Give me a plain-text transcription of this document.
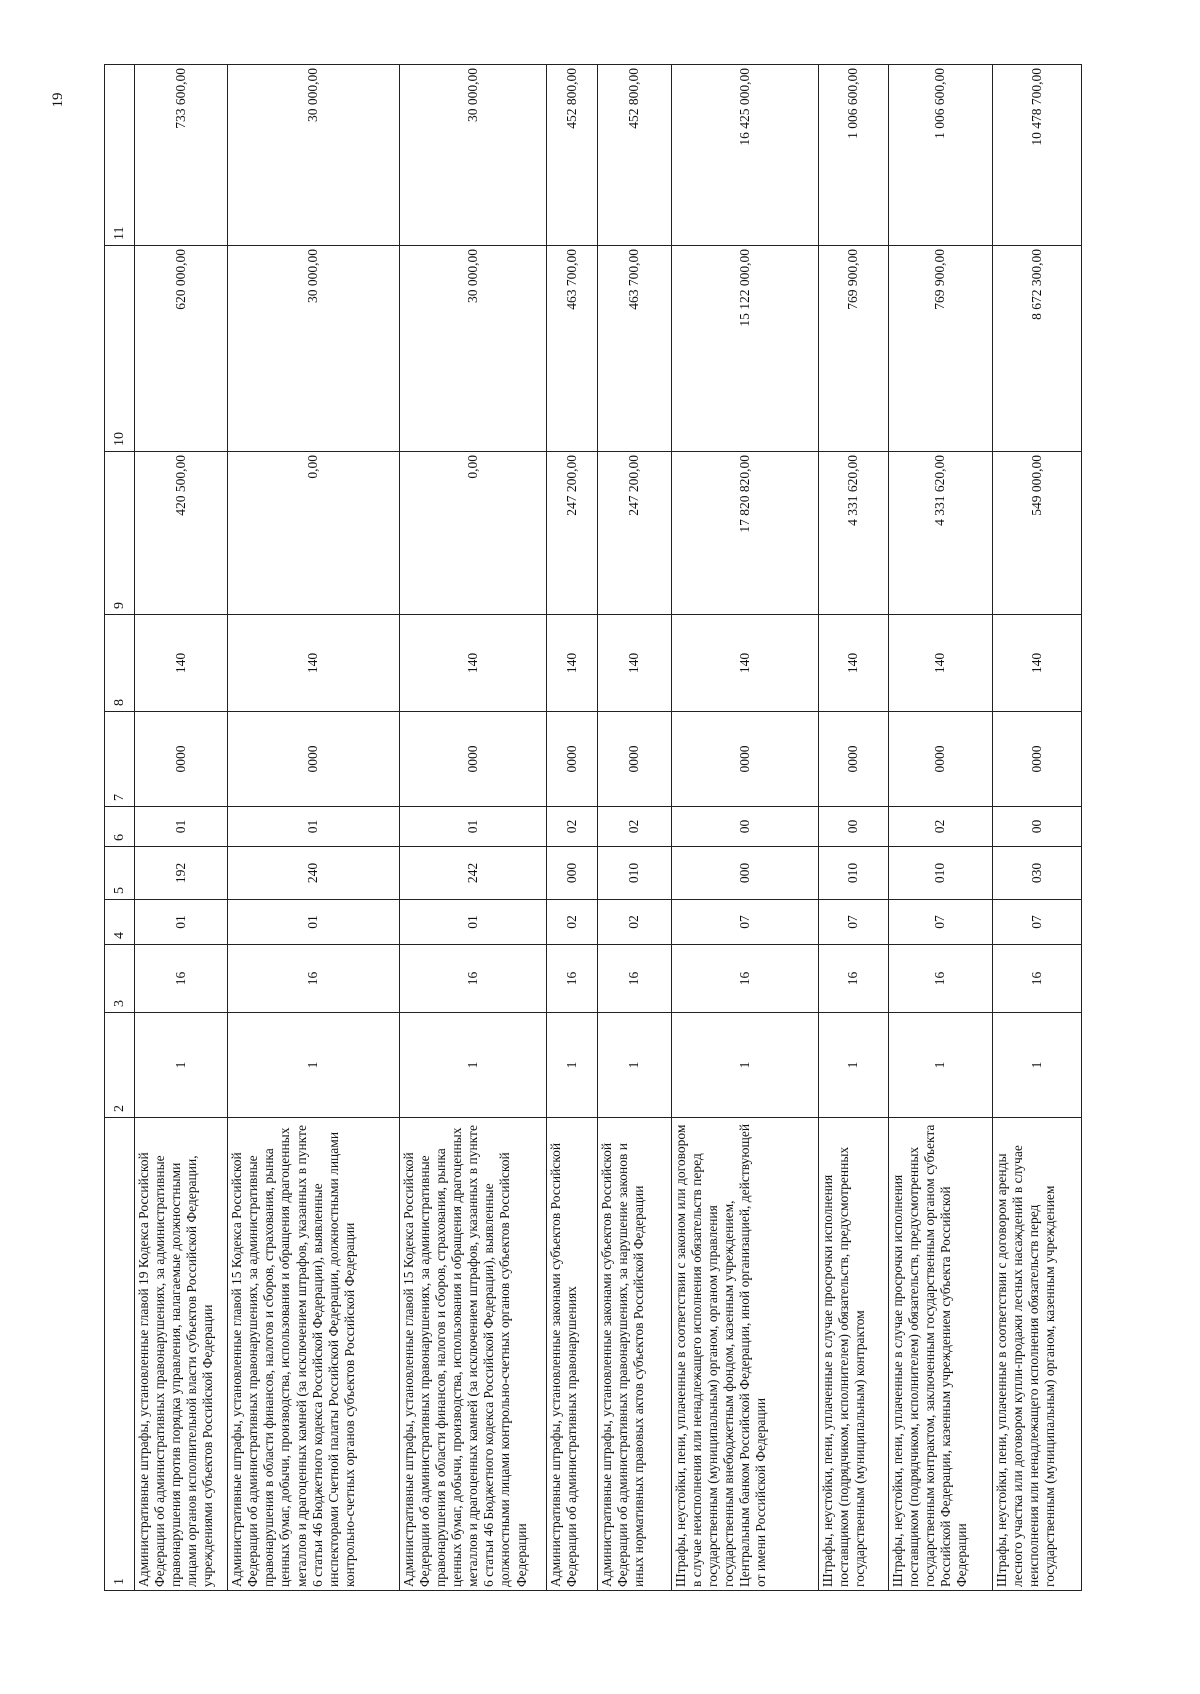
19
1	2	3	4	5	6	7	8	9	10	11
Административные штрафы, установленные главой 19 Кодекса Российской Федерации об административных правонарушениях, за административные правонарушения против порядка управления, налагаемые должностными лицами органов исполнительной власти субъектов Российской Федерации, учреждениями субъектов Российской Федерации	1	16	01	192	01	0000	140	420 500,00	620 000,00	733 600,00
Административные штрафы, установленные главой 15 Кодекса Российской Федерации об административных правонарушениях, за административные правонарушения в области финансов, налогов и сборов, страхования, рынка ценных бумаг, добычи, производства, использования и обращения драгоценных металлов и драгоценных камней (за исключением штрафов, указанных в пункте 6 статьи 46 Бюджетного кодекса Российской Федерации), выявленные инспекторами Счетной палаты Российской Федерации, должностными лицами контрольно-счетных органов субъектов Российской Федерации	1	16	01	240	01	0000	140	0,00	30 000,00	30 000,00
Административные штрафы, установленные главой 15 Кодекса Российской Федерации об административных правонарушениях, за административные правонарушения в области финансов, налогов и сборов, страхования, рынка ценных бумаг, добычи, производства, использования и обращения драгоценных металлов и драгоценных камней (за исключением штрафов, указанных в пункте 6 статьи 46 Бюджетного кодекса Российской Федерации), выявленные должностными лицами контрольно-счетных органов субъектов Российской Федерации	1	16	01	242	01	0000	140	0,00	30 000,00	30 000,00
Административные штрафы, установленные законами субъектов Российской Федерации об административных правонарушениях	1	16	02	000	02	0000	140	247 200,00	463 700,00	452 800,00
Административные штрафы, установленные законами субъектов Российской Федерации об административных правонарушениях, за нарушение законов и иных нормативных правовых актов субъектов Российской Федерации	1	16	02	010	02	0000	140	247 200,00	463 700,00	452 800,00
Штрафы, неустойки, пени, уплаченные в соответствии с законом или договором в случае неисполнения или ненадлежащего исполнения обязательств перед государственным (муниципальным) органом, органом управления государственным внебюджетным фондом, казенным учреждением, Центральным банком Российской Федерации, иной организацией, действующей от имени Российской Федерации	1	16	07	000	00	0000	140	17 820 820,00	15 122 000,00	16 425 000,00
Штрафы, неустойки, пени, уплаченные в случае просрочки исполнения поставщиком (подрядчиком, исполнителем) обязательств, предусмотренных государственным (муниципальным) контрактом	1	16	07	010	00	0000	140	4 331 620,00	769 900,00	1 006 600,00
Штрафы, неустойки, пени, уплаченные в случае просрочки исполнения поставщиком (подрядчиком, исполнителем) обязательств, предусмотренных государственным контрактом, заключенным государственным органом субъекта Российской Федерации, казенным учреждением субъекта Российской Федерации	1	16	07	010	02	0000	140	4 331 620,00	769 900,00	1 006 600,00
Штрафы, неустойки, пени, уплаченные в соответствии с договором аренды лесного участка или договором купли-продажи лесных насаждений в случае неисполнения или ненадлежащего исполнения обязательств перед государственным (муниципальным) органом, казенным учреждением	1	16	07	030	00	0000	140	549 000,00	8 672 300,00	10 478 700,00
